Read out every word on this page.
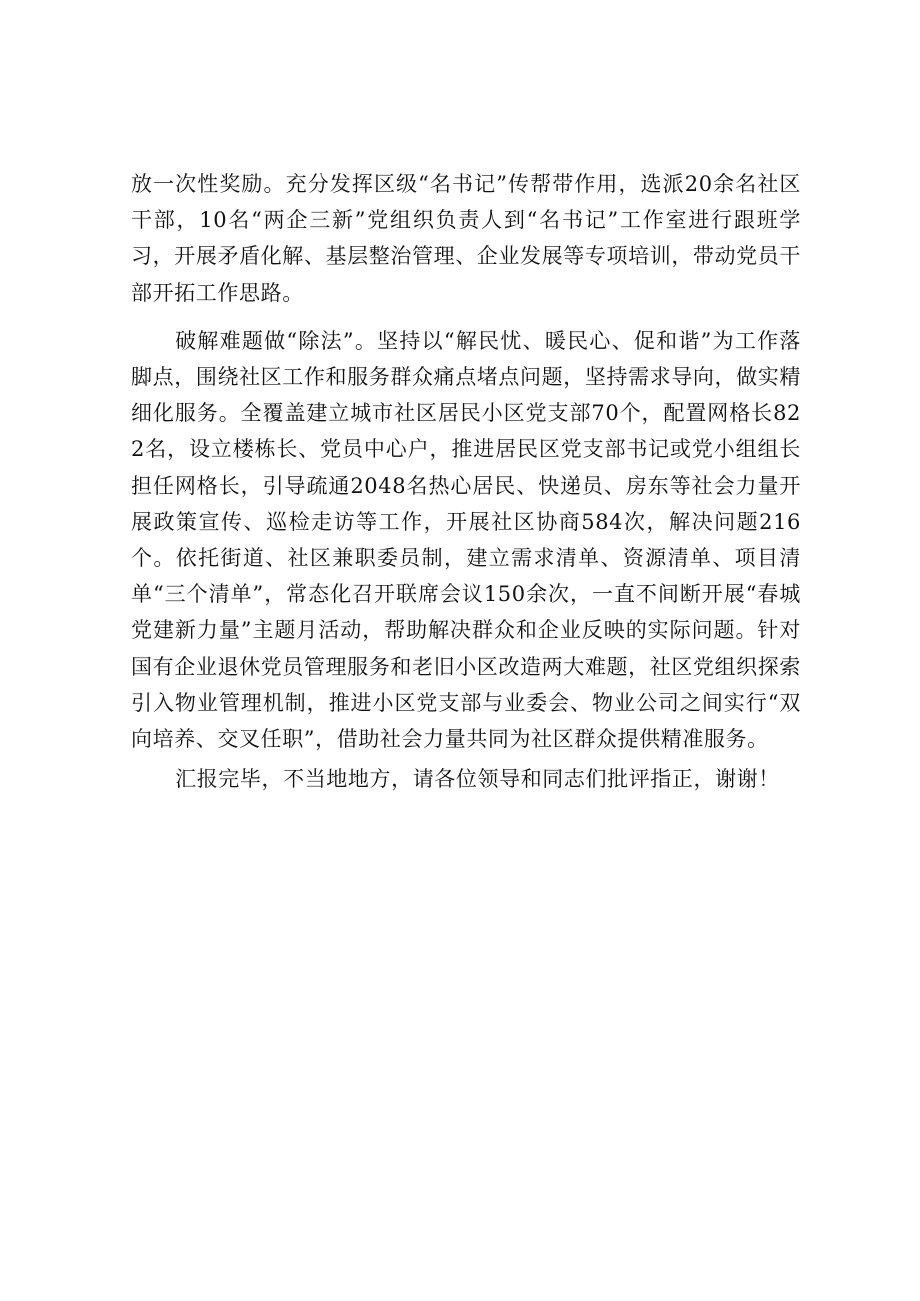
放一次性奖励。充分发挥区级“名书记”传帮带作用，选派20余名社区干部，10名“两企三新”党组织负责人到“名书记”工作室进行跟班学习，开展矛盾化解、基层整治管理、企业发展等专项培训，带动党员干部开拓工作思路。

破解难题做“除法”。坚持以“解民忧、暖民心、促和谐”为工作落脚点，围绕社区工作和服务群众痛点堵点问题，坚持需求导向，做实精细化服务。全覆盖建立城市社区居民小区党支部70个，配置网格长822名，设立楼栋长、党员中心户，推进居民区党支部书记或党小组组长担任网格长，引导疏通2048名热心居民、快递员、房东等社会力量开展政策宣传、巡检走访等工作，开展社区协商584次，解决问题216个。依托街道、社区兼职委员制，建立需求清单、资源清单、项目清单“三个清单”，常态化召开联席会议150余次，一直不间断开展“春城党建新力量”主题月活动，帮助解决群众和企业反映的实际问题。针对国有企业退休党员管理服务和老旧小区改造两大难题，社区党组织探索引入物业管理机制，推进小区党支部与业委会、物业公司之间实行“双向培养、交叉任职”，借助社会力量共同为社区群众提供精准服务。

汇报完毕，不当地地方，请各位领导和同志们批评指正，谢谢！
